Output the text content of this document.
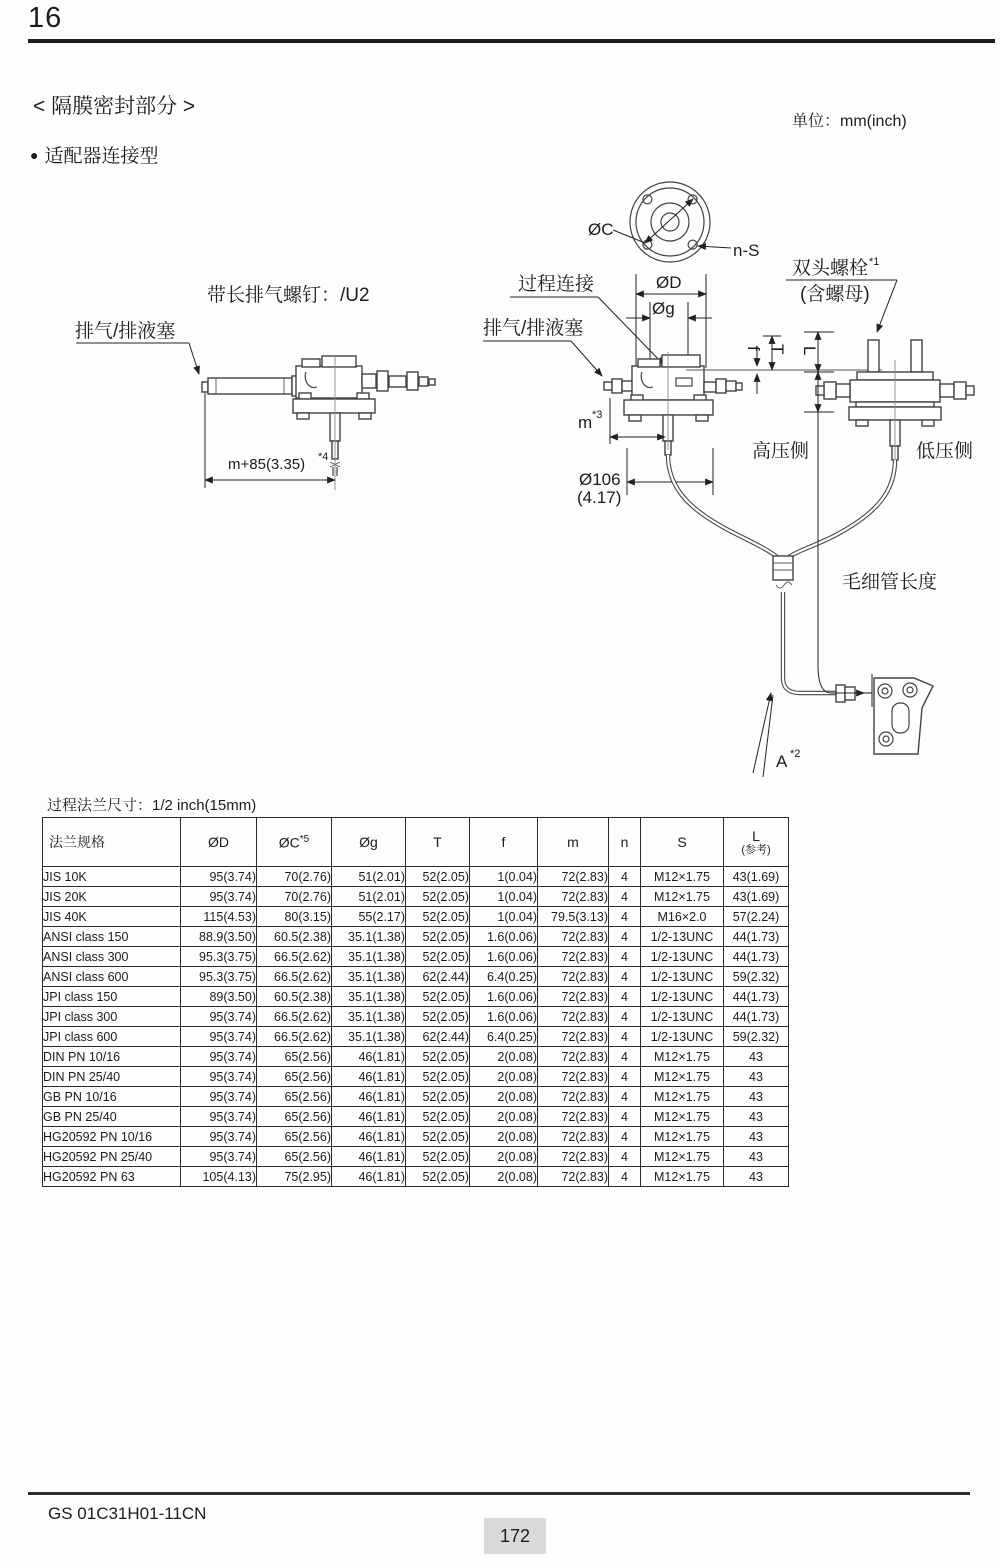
16
< 隔膜密封部分 >
单位：mm(inch)
● 适配器连接型
ØC
n-S
ØD
Øg
过程连接
排气/排液塞
双头螺栓 *1
(含螺母)
带长排气螺钉：/U2
排气/排液塞
m+85(3.35) *4
f T L
m *3
Ø106
(4.17)
高压侧	低压侧
毛细管长度
A *2
过程法兰尺寸：1/2 inch(15mm)
法兰规格	ØD	ØC$^{*5}$	Øg	T	f	m	n	S	L
(参考)

JIS 10K	95(3.74)	70(2.76)	51(2.01)	52(2.05)	1(0.04)	72(2.83)	4	M12×1.75	43(1.69)
JIS 20K	95(3.74)	70(2.76)	51(2.01)	52(2.05)	1(0.04)	72(2.83)	4	M12×1.75	43(1.69)
JIS 40K	115(4.53)	80(3.15)	55(2.17)	52(2.05)	1(0.04)	79.5(3.13)	4	M16×2.0	57(2.24)
ANSI class 150	88.9(3.50)	60.5(2.38)	35.1(1.38)	52(2.05)	1.6(0.06)	72(2.83)	4	1/2-13UNC	44(1.73)
ANSI class 300	95.3(3.75)	66.5(2.62)	35.1(1.38)	52(2.05)	1.6(0.06)	72(2.83)	4	1/2-13UNC	44(1.73)
ANSI class 600	95.3(3.75)	66.5(2.62)	35.1(1.38)	62(2.44)	6.4(0.25)	72(2.83)	4	1/2-13UNC	59(2.32)
JPI class 150	89(3.50)	60.5(2.38)	35.1(1.38)	52(2.05)	1.6(0.06)	72(2.83)	4	1/2-13UNC	44(1.73)
JPI class 300	95(3.74)	66.5(2.62)	35.1(1.38)	52(2.05)	1.6(0.06)	72(2.83)	4	1/2-13UNC	44(1.73)
JPI class 600	95(3.74)	66.5(2.62)	35.1(1.38)	62(2.44)	6.4(0.25)	72(2.83)	4	1/2-13UNC	59(2.32)
DIN PN 10/16	95(3.74)	65(2.56)	46(1.81)	52(2.05)	2(0.08)	72(2.83)	4	M12×1.75	43
DIN PN 25/40	95(3.74)	65(2.56)	46(1.81)	52(2.05)	2(0.08)	72(2.83)	4	M12×1.75	43
GB PN 10/16	95(3.74)	65(2.56)	46(1.81)	52(2.05)	2(0.08)	72(2.83)	4	M12×1.75	43
GB PN 25/40	95(3.74)	65(2.56)	46(1.81)	52(2.05)	2(0.08)	72(2.83)	4	M12×1.75	43
HG20592 PN 10/16	95(3.74)	65(2.56)	46(1.81)	52(2.05)	2(0.08)	72(2.83)	4	M12×1.75	43
HG20592 PN 25/40	95(3.74)	65(2.56)	46(1.81)	52(2.05)	2(0.08)	72(2.83)	4	M12×1.75	43
HG20592 PN 63	105(4.13)	75(2.95)	46(1.81)	52(2.05)	2(0.08)	72(2.83)	4	M12×1.75	43
GS 01C31H01-11CN
172
